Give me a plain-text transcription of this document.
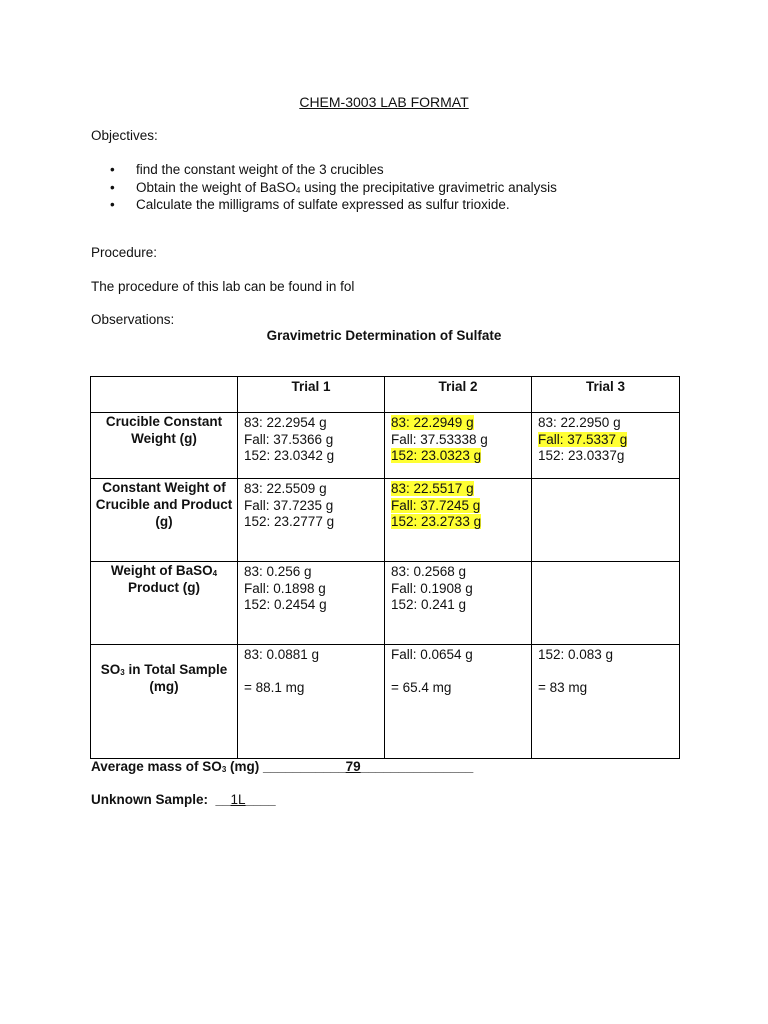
CHEM-3003 LAB FORMAT
Objectives:
• find the constant weight of the 3 crucibles
• Obtain the weight of BaSO$_4$ using the precipitative gravimetric analysis
• Calculate the milligrams of sulfate expressed as sulfur trioxide.
Procedure:
The procedure of this lab can be found in fol
Observations:
Gravimetric Determination of Sulfate
	Trial 1	Trial 2	Trial 3
Crucible Constant Weight (g)	83: 22.2954 g
Fall: 37.5366 g
152: 23.0342 g	83: 22.2949 g
Fall: 37.53338 g
152: 23.0323 g	83: 22.2950 g
Fall: 37.5337 g
152: 23.0337g

Constant Weight of Crucible and Product (g)	83: 22.5509 g
Fall: 37.7235 g
152: 23.2777 g	83: 22.5517 g
Fall: 37.7245 g
152: 23.2733 g	

Weight of BaSO$_4$
Product (g)	83: 0.256 g
Fall: 0.1898 g
152: 0.2454 g	83: 0.2568 g
Fall: 0.1908 g
152: 0.241 g	

$SO_3$ in Total Sample
(mg)	83: 0.0881 g
= 88.1 mg	Fall: 0.0654 g
= 65.4 mg	152: 0.083 g
= 83 mg
Average mass of $SO_3$ (mg) ___________79_______________
Unknown Sample:  __1L____
